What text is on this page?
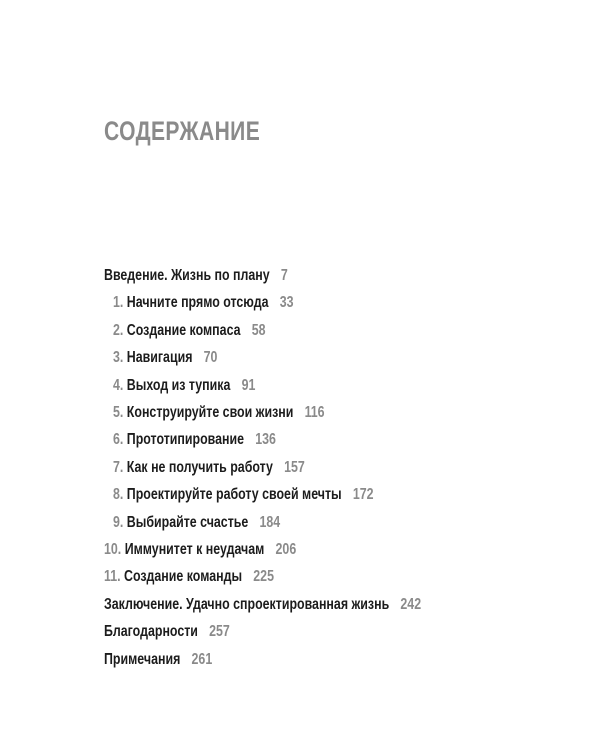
СОДЕРЖАНИЕ
Введение. Жизнь по плану 7
1. Начните прямо отсюда 33
2. Создание компаса 58
3. Навигация 70
4. Выход из тупика 91
5. Конструируйте свои жизни 116
6. Прототипирование 136
7. Как не получить работу 157
8. Проектируйте работу своей мечты 172
9. Выбирайте счастье 184
10. Иммунитет к неудачам 206
11. Создание команды 225
Заключение. Удачно спроектированная жизнь 242
Благодарности 257
Примечания 261
